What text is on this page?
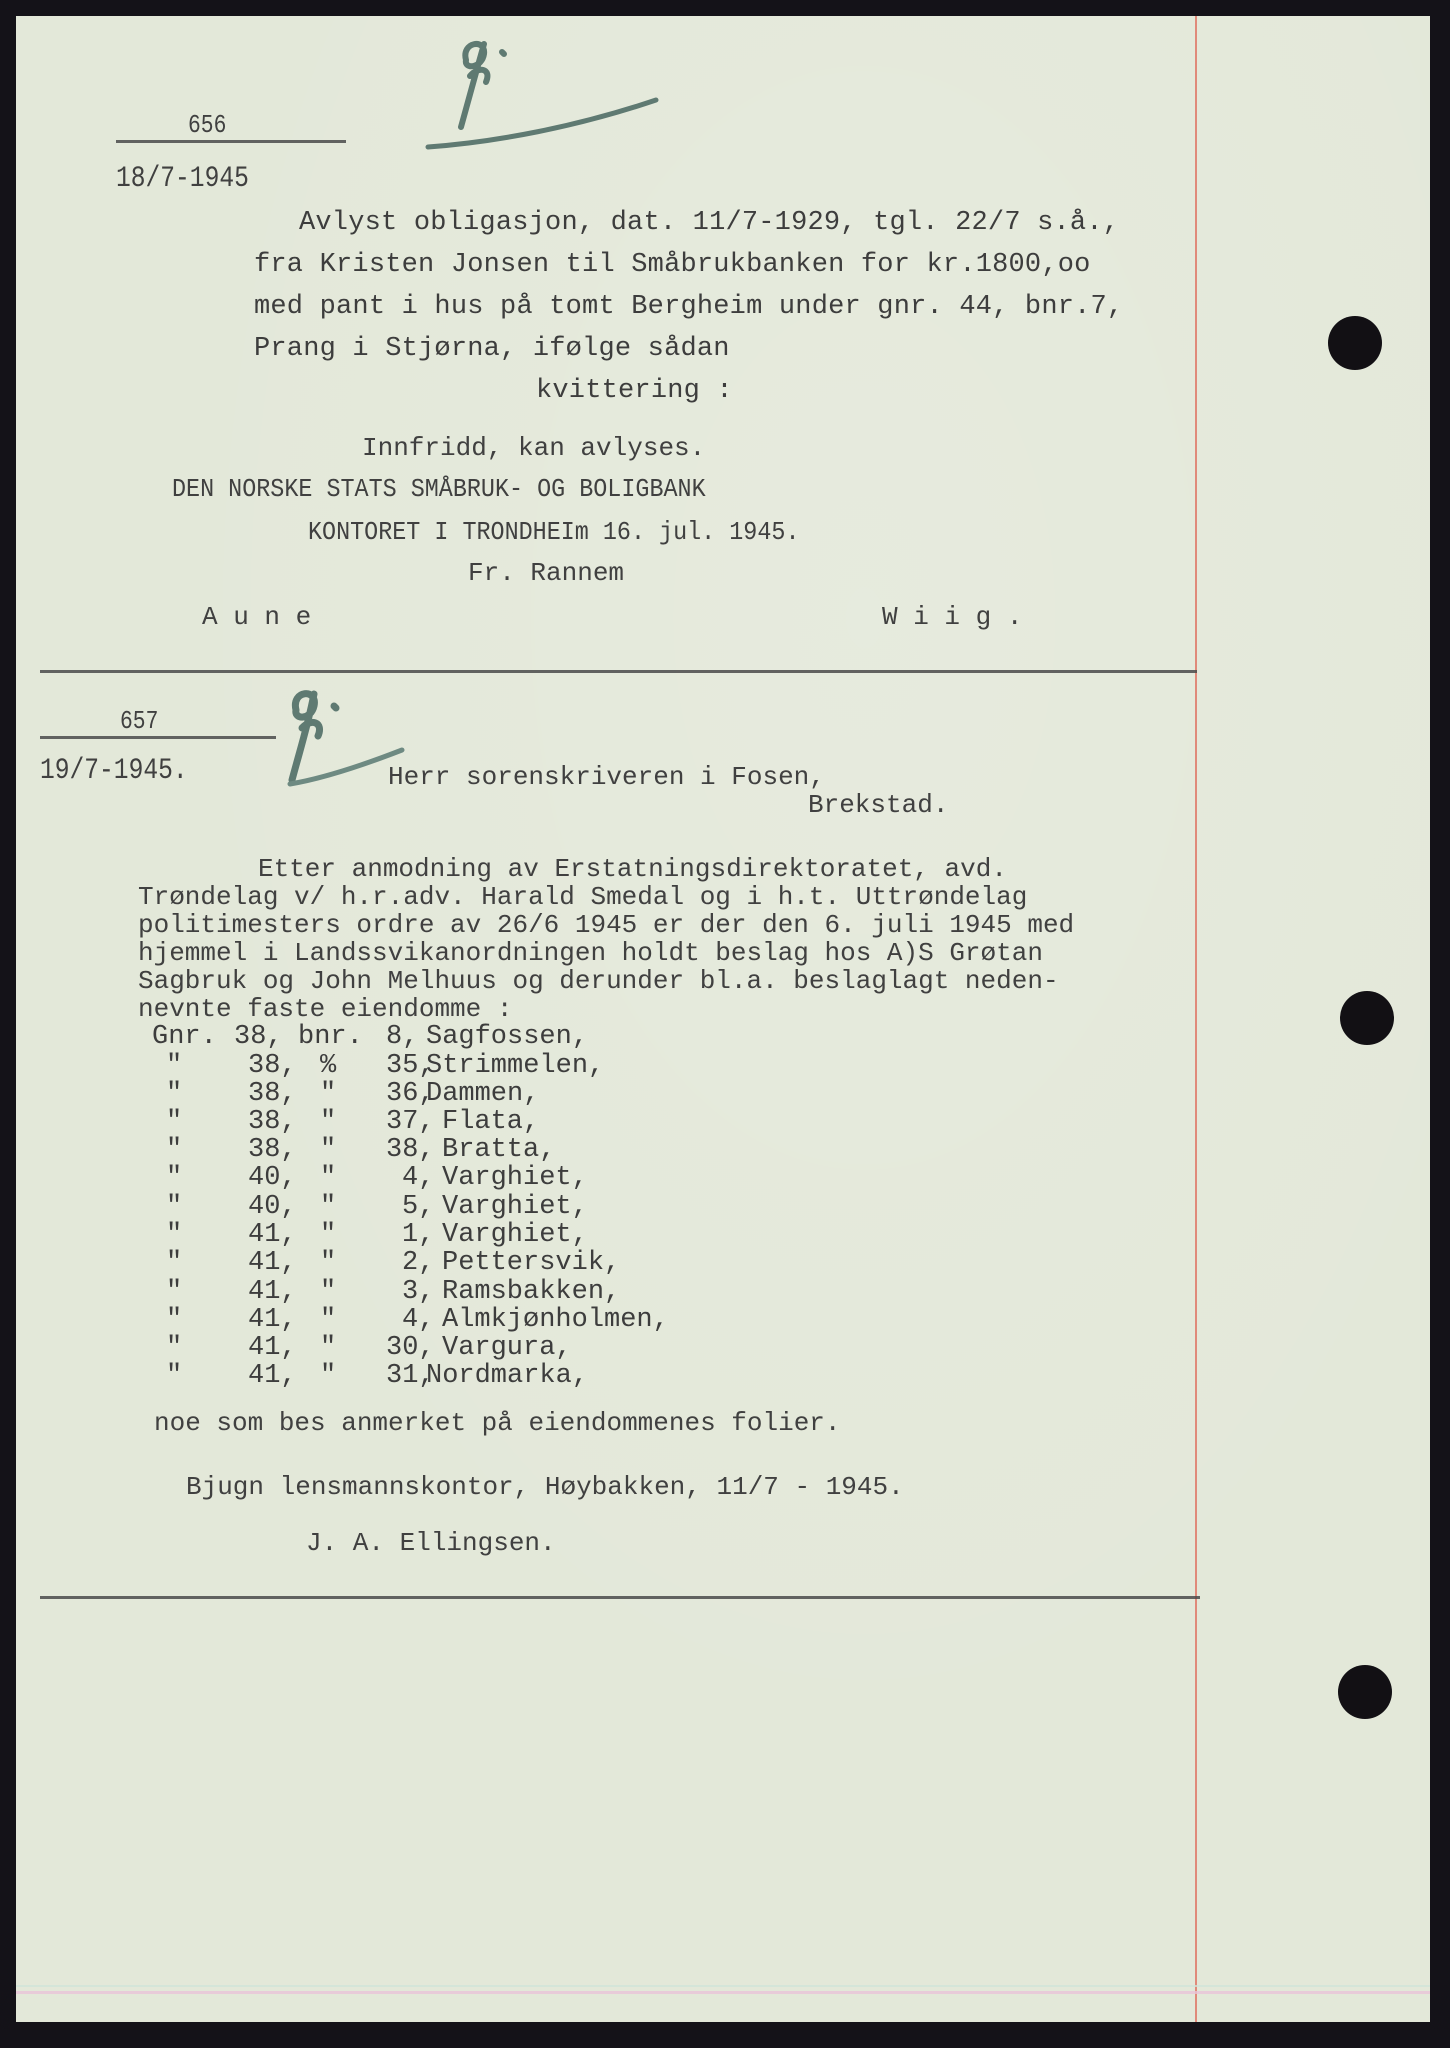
656
18/7-1945
Avlyst obligasjon, dat. 11/7-1929, tgl. 22/7 s.å.,
fra Kristen Jonsen til Småbrukbanken for kr.1800,oo
med pant i hus på tomt Bergheim under gnr. 44, bnr.7,
Prang i Stjørna, ifølge sådan
kvittering :
Innfridd, kan avlyses.
DEN NORSKE STATS SMÅBRUK- OG BOLIGBANK
KONTORET I TRONDHEIm 16. jul. 1945.
Fr. Rannem
A u n e	W i i g .
657
19/7-1945.	Herr sorenskriveren i Fosen,
Brekstad.
Etter anmodning av Erstatningsdirektoratet, avd.
Trøndelag v/ h.r.adv. Harald Smedal og i h.t. Uttrøndelag
politimesters ordre av 26/6 1945 er der den 6. juli 1945 med
hjemmel i Landssvikanordningen holdt beslag hos A)S Grøtan
Sagbruk og John Melhuus og derunder bl.a. beslaglagt neden-
nevnte faste eiendomme :
Gnr. 38, bnr. 8, Sagfossen,
" 38, % 35,
Strimmelen,
" 38, " 36,
Dammen,
" 38, " 37, Flata,
" 38, " 38, Bratta,
" 40, " 4, Varghiet,
" 40, " 5, Varghiet,
" 41, " 1, Varghiet,
" 41, " 2, Pettersvik,
" 41, " 3, Ramsbakken,
" 41, " 4, Almkjønholmen,
" 41, " 30, Vargura,
" 41, " 31,
Nordmarka,
noe som bes anmerket på eiendommenes folier.
Bjugn lensmannskontor, Høybakken, 11/7 - 1945.
J. A. Ellingsen.
